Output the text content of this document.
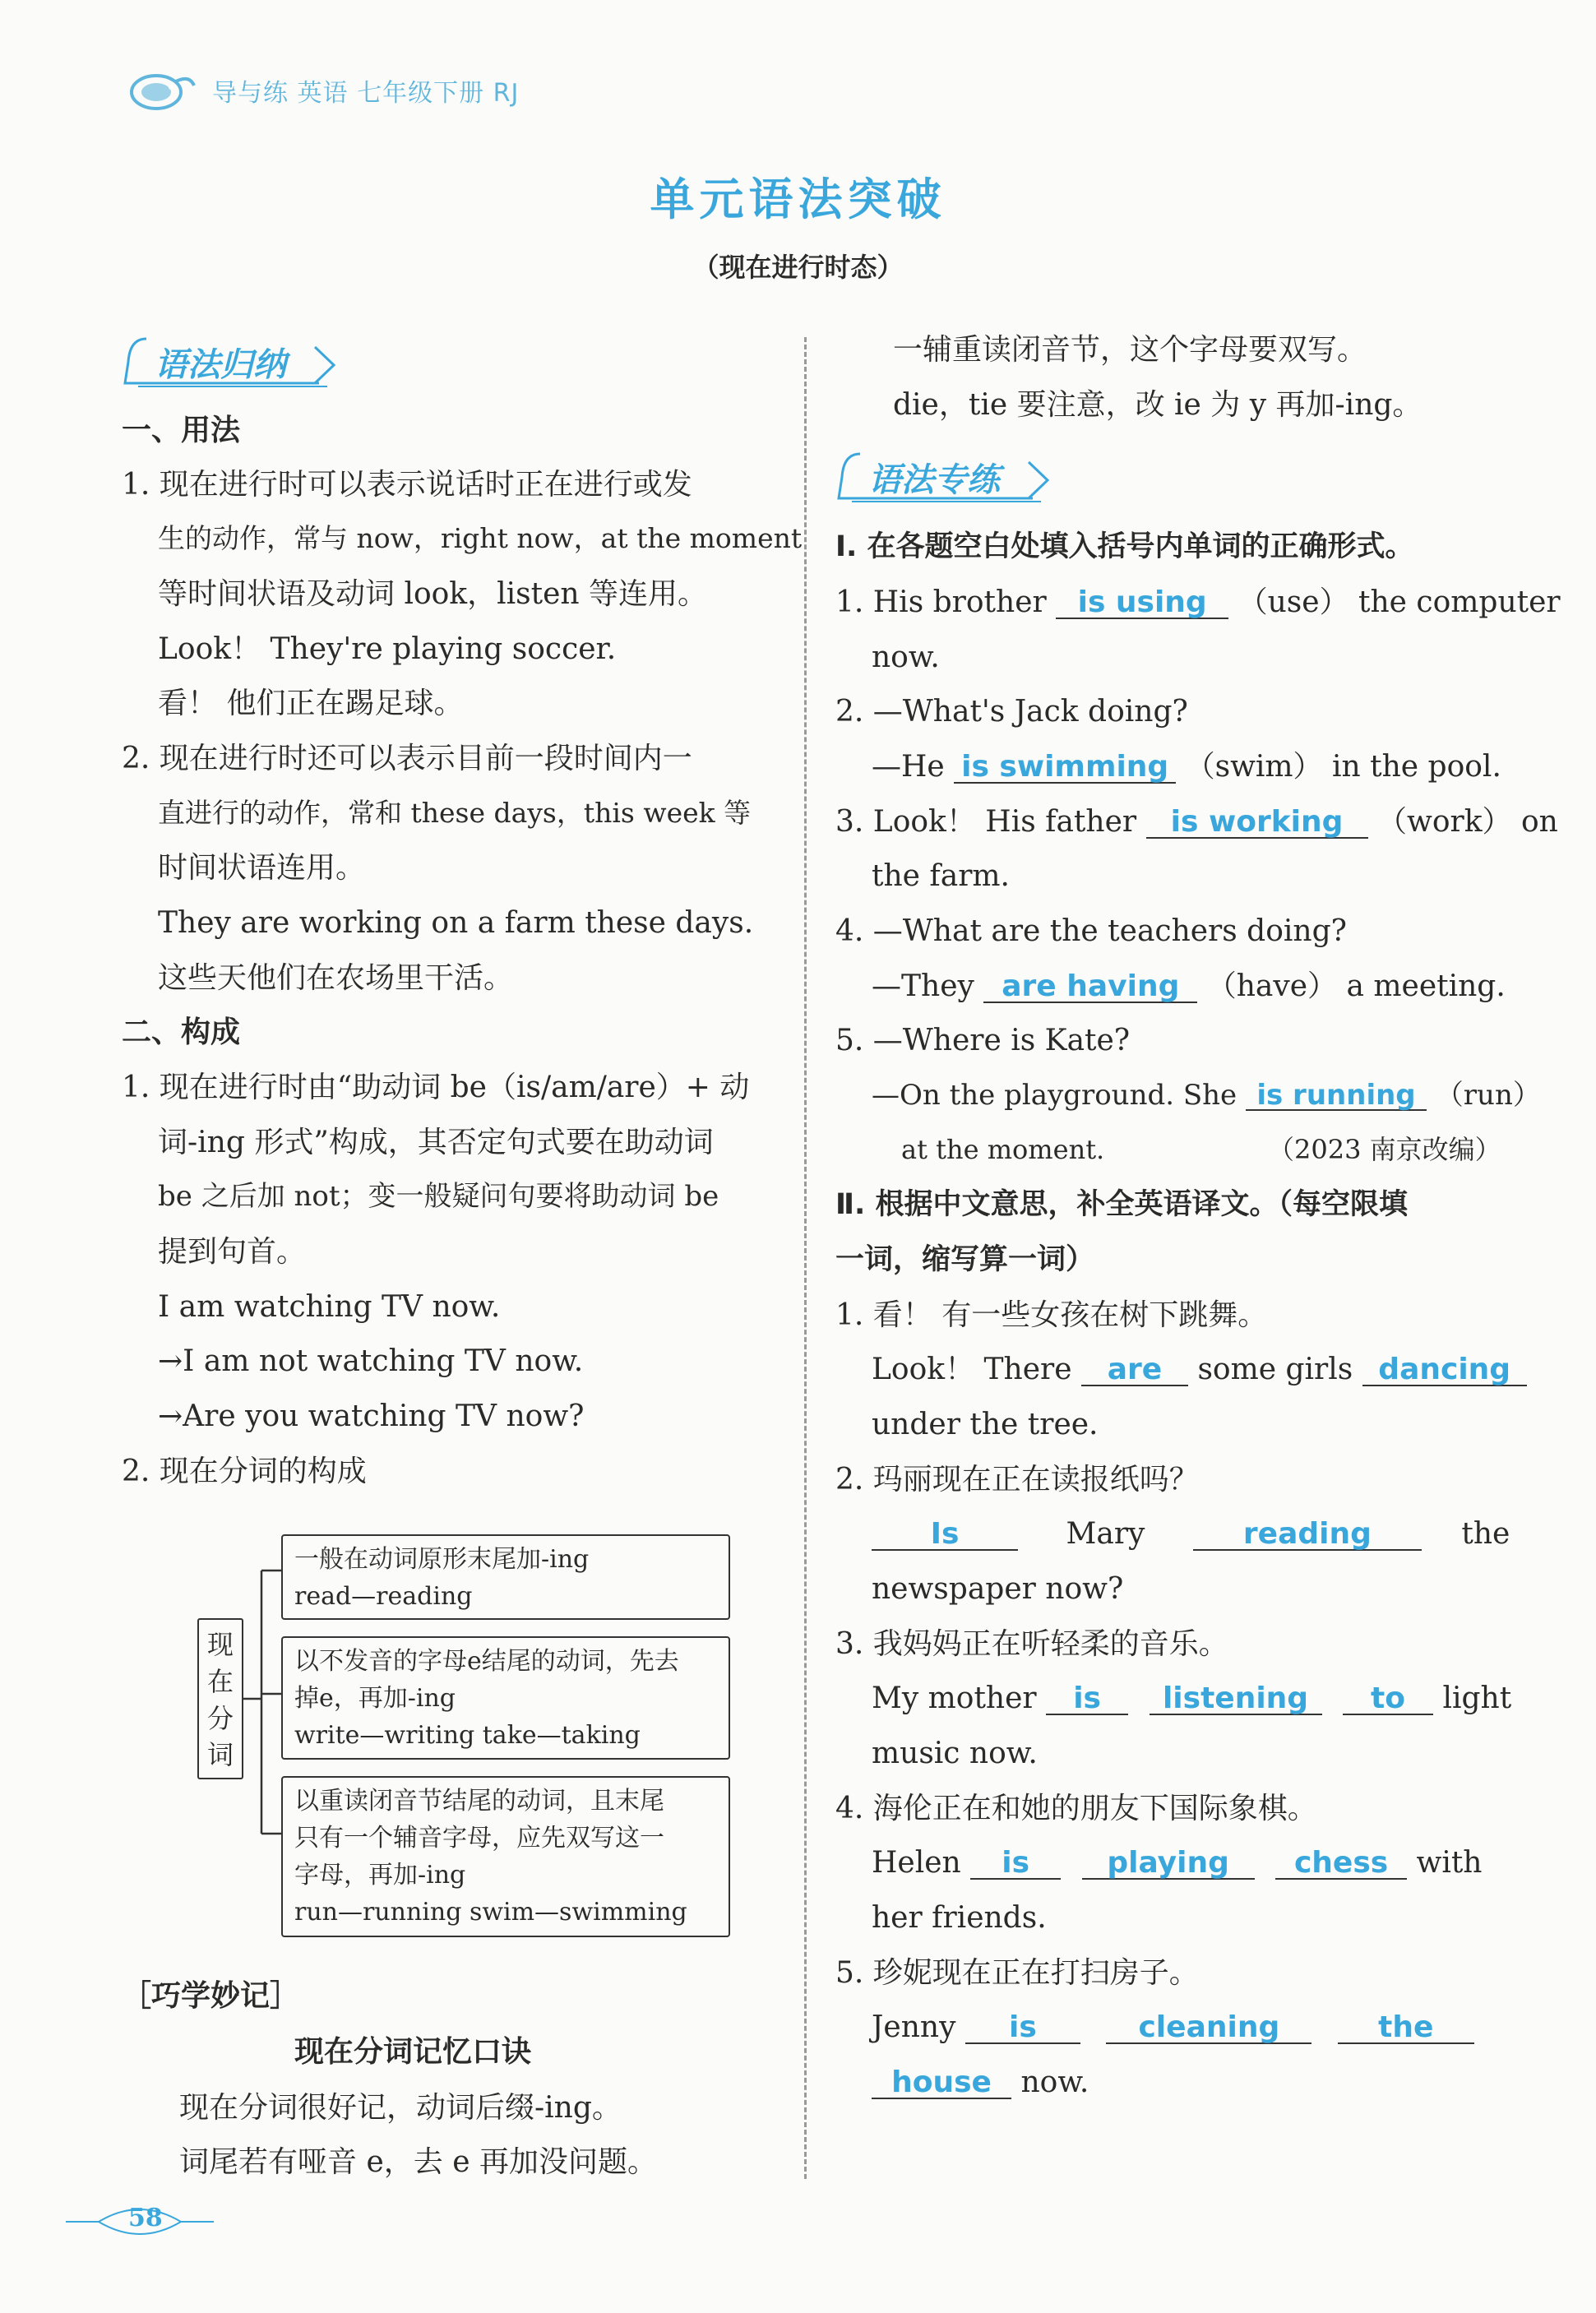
导与练 英语 七年级下册 RJ
单元语法突破
（现在进行时态）
语法归纳
一、用法
1. 现在进行时可以表示说话时正在进行或发
生的动作，常与 now，right now，at the moment
等时间状语及动词 look，listen 等连用。
Look！ They're playing soccer.
看！ 他们正在踢足球。
2. 现在进行时还可以表示目前一段时间内一
直进行的动作，常和 these days，this week 等
时间状语连用。
They are working on a farm these days.
这些天他们在农场里干活。
二、构成
1. 现在进行时由“助动词 be（is/am/are）+ 动
词-ing 形式”构成，其否定句式要在助动词
be 之后加 not；变一般疑问句要将助动词 be
提到句首。
I am watching TV now.
→I am not watching TV now.
→Are you watching TV now?
2. 现在分词的构成
现
在
分
词
一般在动词原形末尾加-ing
read—reading
以不发音的字母e结尾的动词，先去
掉e，再加-ing
write—writing take—taking
以重读闭音节结尾的动词，且末尾
只有一个辅音字母，应先双写这一
字母，再加-ing
run—running swim—swimming
［巧学妙记］
现在分词记忆口诀
现在分词很好记，动词后缀-ing。
词尾若有哑音 e，去 e 再加没问题。
一辅重读闭音节，这个字母要双写。
die，tie 要注意，改 ie 为 y 再加-ing。
语法专练
Ⅰ. 在各题空白处填入括号内单词的正确形式。
1. His brother is using （use） the computer
now.
2. —What's Jack doing?
—He is swimming （swim） in the pool.
3. Look！ His father is working （work） on
the farm.
4. —What are the teachers doing?
—They are having （have） a meeting.
5. —Where is Kate?
—On the playground. She is running （run）
at the moment.	（2023 南京改编）
Ⅱ. 根据中文意思，补全英语译文。（每空限填
一词，缩写算一词）
1. 看！ 有一些女孩在树下跳舞。
Look！ There are some girls dancing
under the tree.
2. 玛丽现在正在读报纸吗？
Is	Mary	reading	the
newspaper now?
3. 我妈妈正在听轻柔的音乐。
My mother is listening to light
music now.
4. 海伦正在和她的朋友下国际象棋。
Helen is	playing chess with
her friends.
5. 珍妮现在正在打扫房子。
Jenny is	cleaning	the
house now.
58
